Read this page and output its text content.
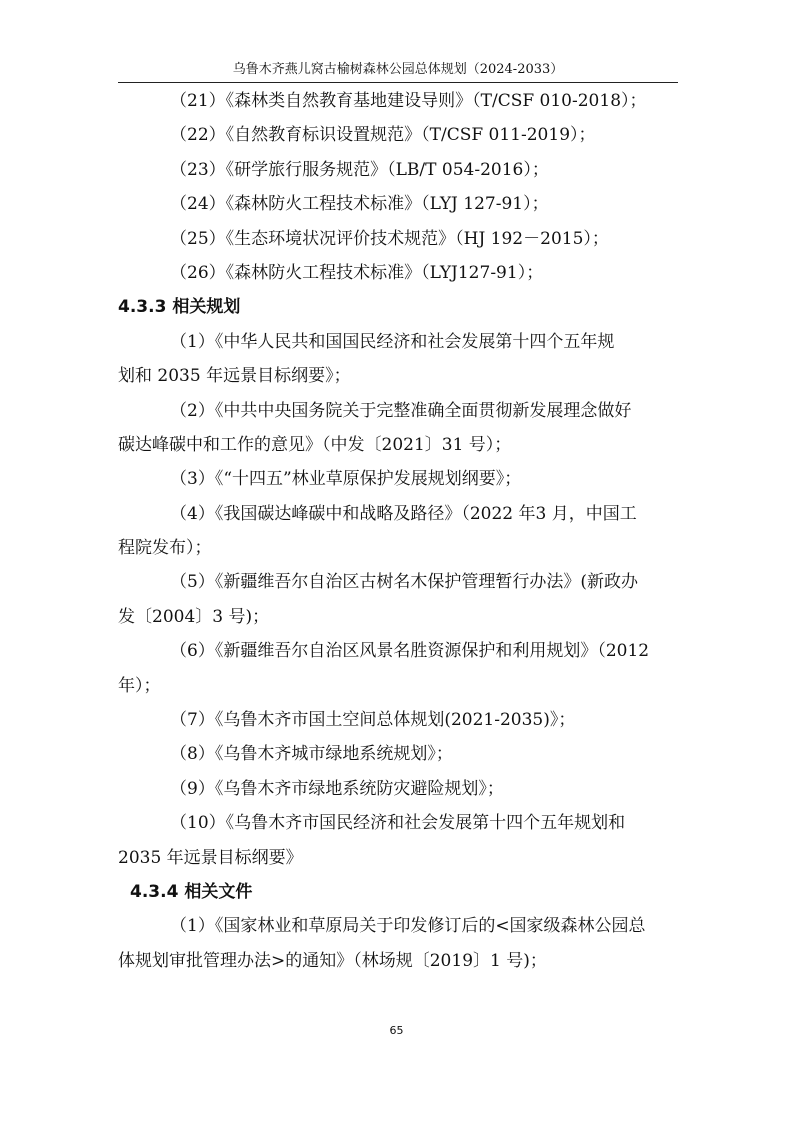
乌鲁木齐燕儿窝古榆树森林公园总体规划（2024-2033）
（21）《森林类自然教育基地建设导则》（T/CSF 010-2018）；
（22）《自然教育标识设置规范》（T/CSF 011-2019）；
（23）《研学旅行服务规范》（LB/T 054-2016）；
（24）《森林防火工程技术标准》（LYJ 127-91）；
（25）《生态环境状况评价技术规范》（HJ 192－2015）；
（26）《森林防火工程技术标准》（LYJ127-91）；
4.3.3 相关规划
（1）《中华人民共和国国民经济和社会发展第十四个五年规
划和 2035 年远景目标纲要》；
（2）《中共中央国务院关于完整准确全面贯彻新发展理念做好
碳达峰碳中和工作的意见》（中发〔2021〕31 号）；
（3）《“十四五”林业草原保护发展规划纲要》；
（4）《我国碳达峰碳中和战略及路径》（2022 年3 月，中国工
程院发布）；
（5）《新疆维吾尔自治区古树名木保护管理暂行办法》(新政办
发〔2004〕3 号)；
（6）《新疆维吾尔自治区风景名胜资源保护和利用规划》（2012
年）；
（7）《乌鲁木齐市国土空间总体规划(2021-2035)》；
（8）《乌鲁木齐城市绿地系统规划》；
（9）《乌鲁木齐市绿地系统防灾避险规划》；
（10）《乌鲁木齐市国民经济和社会发展第十四个五年规划和
2035 年远景目标纲要》
4.3.4 相关文件
（1）《国家林业和草原局关于印发修订后的<国家级森林公园总
体规划审批管理办法>的通知》（林场规〔2019〕1 号)；
65
